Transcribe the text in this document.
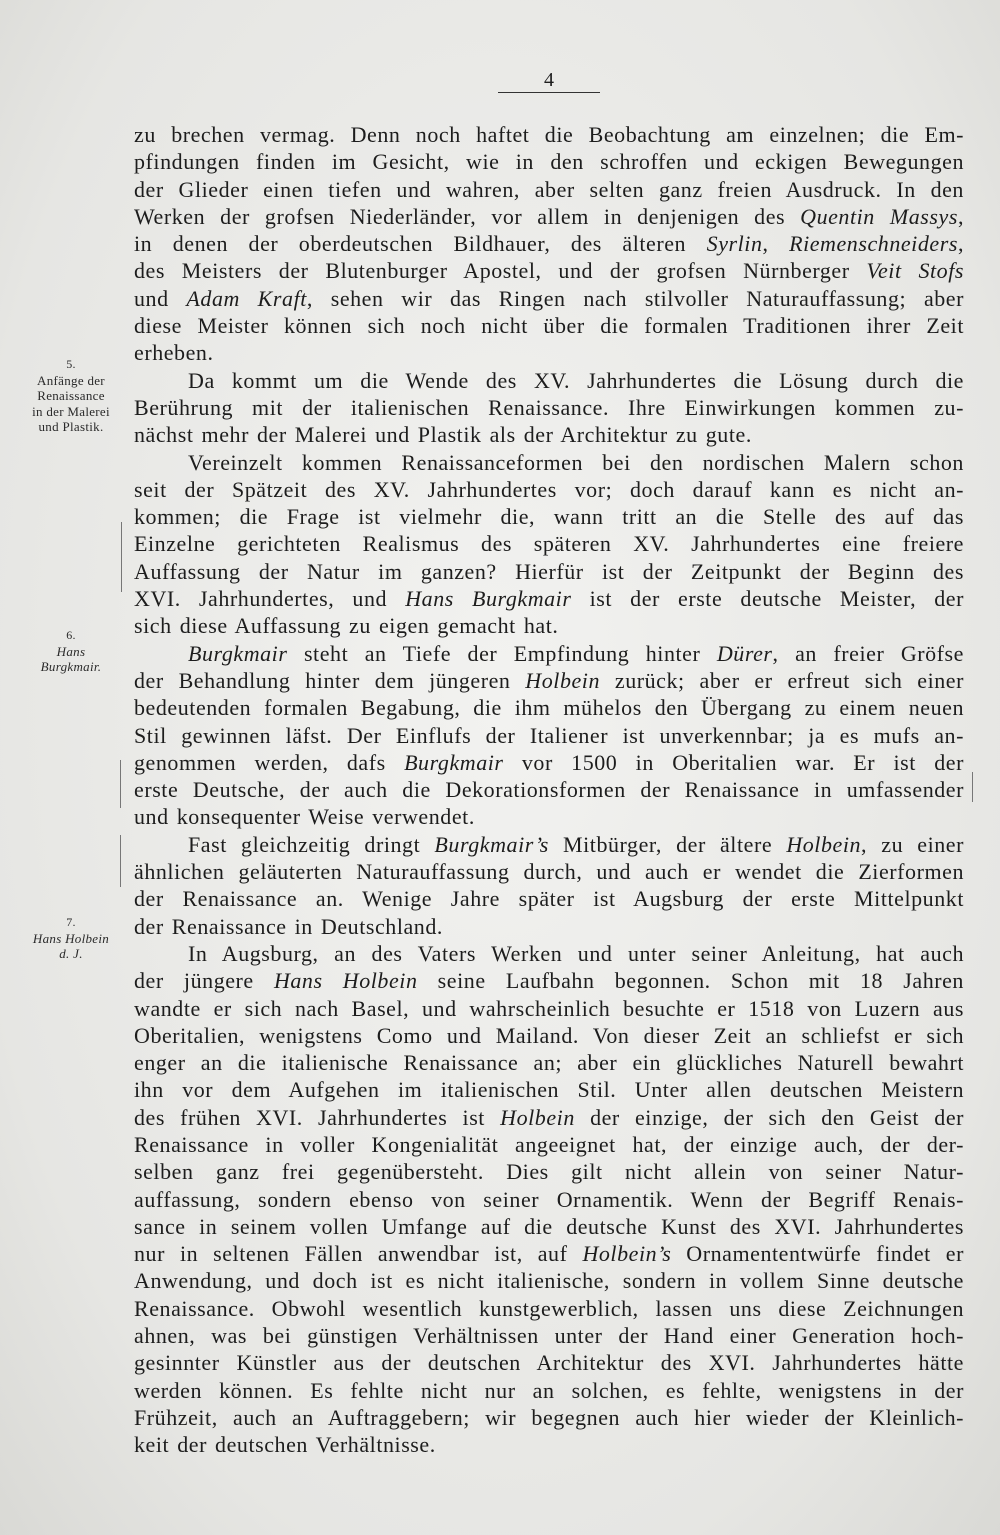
4
5.
Anfänge der
Renaissance
in der Malerei
und Plastik.
6.
Hans
Burgkmair.
7.
Hans Holbein
d. J.

zu brechen vermag. Denn noch haftet die Beobachtung am einzelnen; die Em-
pfindungen finden im Gesicht, wie in den schroffen und eckigen Bewegungen
der Glieder einen tiefen und wahren, aber selten ganz freien Ausdruck. In den
Werken der grofsen Niederländer, vor allem in denjenigen des Quentin Massys,
in denen der oberdeutschen Bildhauer, des älteren Syrlin, Riemenschneiders,
des Meisters der Blutenburger Apostel, und der grofsen Nürnberger Veit Stofs
und Adam Kraft, sehen wir das Ringen nach stilvoller Naturauffassung; aber
diese Meister können sich noch nicht über die formalen Traditionen ihrer Zeit
erheben.

Da kommt um die Wende des XV. Jahrhundertes die Lösung durch die
Berührung mit der italienischen Renaissance. Ihre Einwirkungen kommen zu-
nächst mehr der Malerei und Plastik als der Architektur zu gute.

Vereinzelt kommen Renaissanceformen bei den nordischen Malern schon
seit der Spätzeit des XV. Jahrhundertes vor; doch darauf kann es nicht an-
kommen; die Frage ist vielmehr die, wann tritt an die Stelle des auf das
Einzelne gerichteten Realismus des späteren XV. Jahrhundertes eine freiere
Auffassung der Natur im ganzen? Hierfür ist der Zeitpunkt der Beginn des
XVI. Jahrhundertes, und Hans Burgkmair ist der erste deutsche Meister, der
sich diese Auffassung zu eigen gemacht hat.

Burgkmair steht an Tiefe der Empfindung hinter Dürer, an freier Gröfse
der Behandlung hinter dem jüngeren Holbein zurück; aber er erfreut sich einer
bedeutenden formalen Begabung, die ihm mühelos den Übergang zu einem neuen
Stil gewinnen läfst. Der Einflufs der Italiener ist unverkennbar; ja es mufs an-
genommen werden, dafs Burgkmair vor 1500 in Oberitalien war. Er ist der
erste Deutsche, der auch die Dekorationsformen der Renaissance in umfassender
und konsequenter Weise verwendet.

Fast gleichzeitig dringt Burgkmair’s Mitbürger, der ältere Holbein, zu einer
ähnlichen geläuterten Naturauffassung durch, und auch er wendet die Zierformen
der Renaissance an. Wenige Jahre später ist Augsburg der erste Mittelpunkt
der Renaissance in Deutschland.

In Augsburg, an des Vaters Werken und unter seiner Anleitung, hat auch
der jüngere Hans Holbein seine Laufbahn begonnen. Schon mit 18 Jahren
wandte er sich nach Basel, und wahrscheinlich besuchte er 1518 von Luzern aus
Oberitalien, wenigstens Como und Mailand. Von dieser Zeit an schliefst er sich
enger an die italienische Renaissance an; aber ein glückliches Naturell bewahrt
ihn vor dem Aufgehen im italienischen Stil. Unter allen deutschen Meistern
des frühen XVI. Jahrhundertes ist Holbein der einzige, der sich den Geist der
Renaissance in voller Kongenialität angeeignet hat, der einzige auch, der der-
selben ganz frei gegenübersteht. Dies gilt nicht allein von seiner Natur-
auffassung, sondern ebenso von seiner Ornamentik. Wenn der Begriff Renais-
sance in seinem vollen Umfange auf die deutsche Kunst des XVI. Jahrhundertes
nur in seltenen Fällen anwendbar ist, auf Holbein’s Ornamententwürfe findet er
Anwendung, und doch ist es nicht italienische, sondern in vollem Sinne deutsche
Renaissance. Obwohl wesentlich kunstgewerblich, lassen uns diese Zeichnungen
ahnen, was bei günstigen Verhältnissen unter der Hand einer Generation hoch-
gesinnter Künstler aus der deutschen Architektur des XVI. Jahrhundertes hätte
werden können. Es fehlte nicht nur an solchen, es fehlte, wenigstens in der
Frühzeit, auch an Auftraggebern; wir begegnen auch hier wieder der Kleinlich-
keit der deutschen Verhältnisse.
